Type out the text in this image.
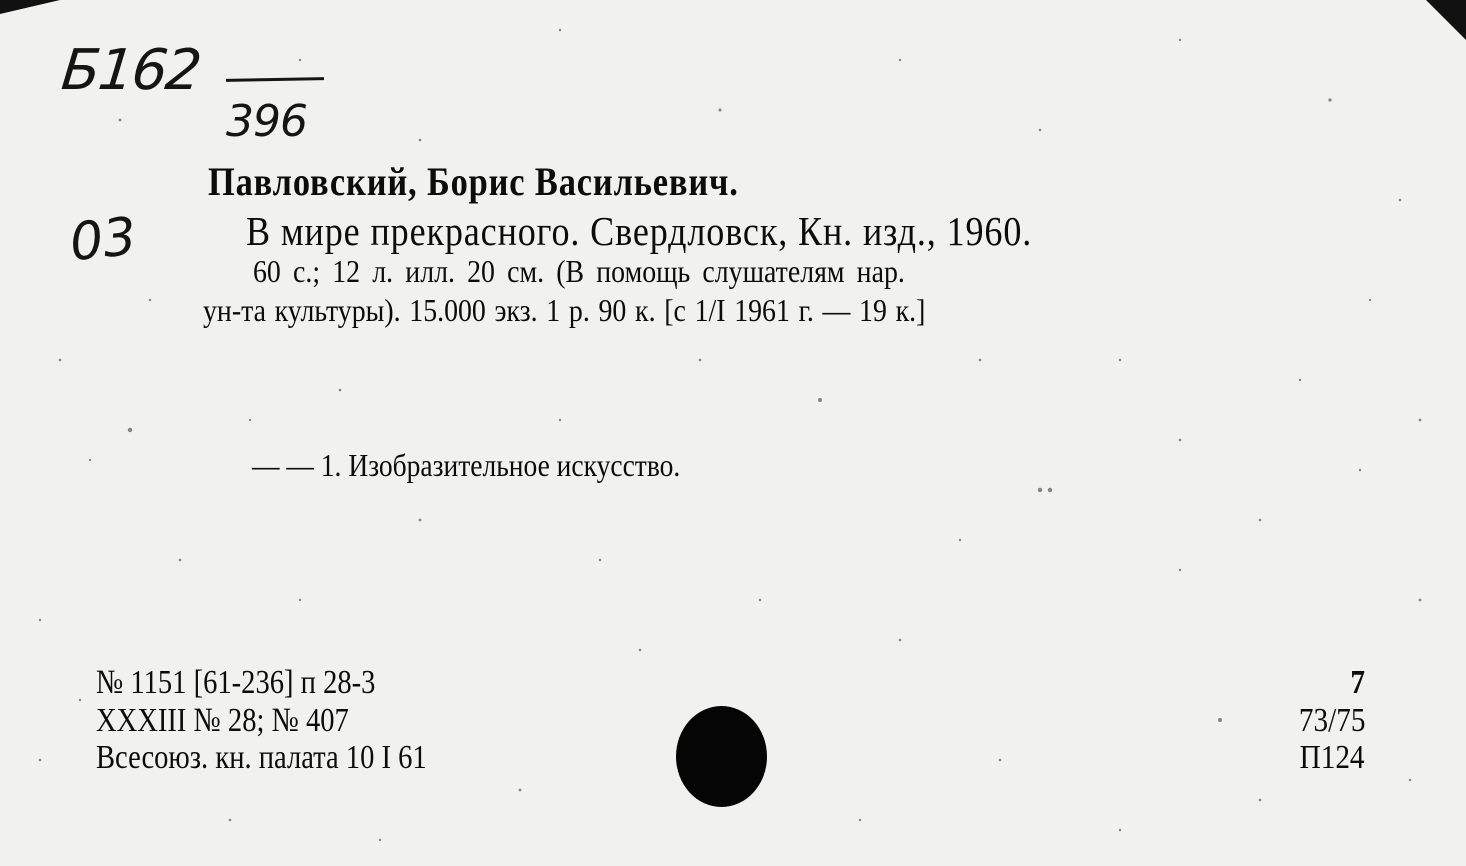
Б162
396
03
Павловский, Борис Васильевич.
В мире прекрасного. Свердловск, Кн. изд., 1960.
60 с.; 12 л. илл. 20 см. (В помощь слушателям нар.
ун-та культуры). 15.000 экз. 1 р. 90 к. [с 1/I 1961 г. — 19 к.]
— — 1. Изобразительное искусство.
№ 1151 [61-236] п 28-3
XXXIII № 28; № 407
Всесоюз. кн. палата 10 I 61
7
73/75
П124
